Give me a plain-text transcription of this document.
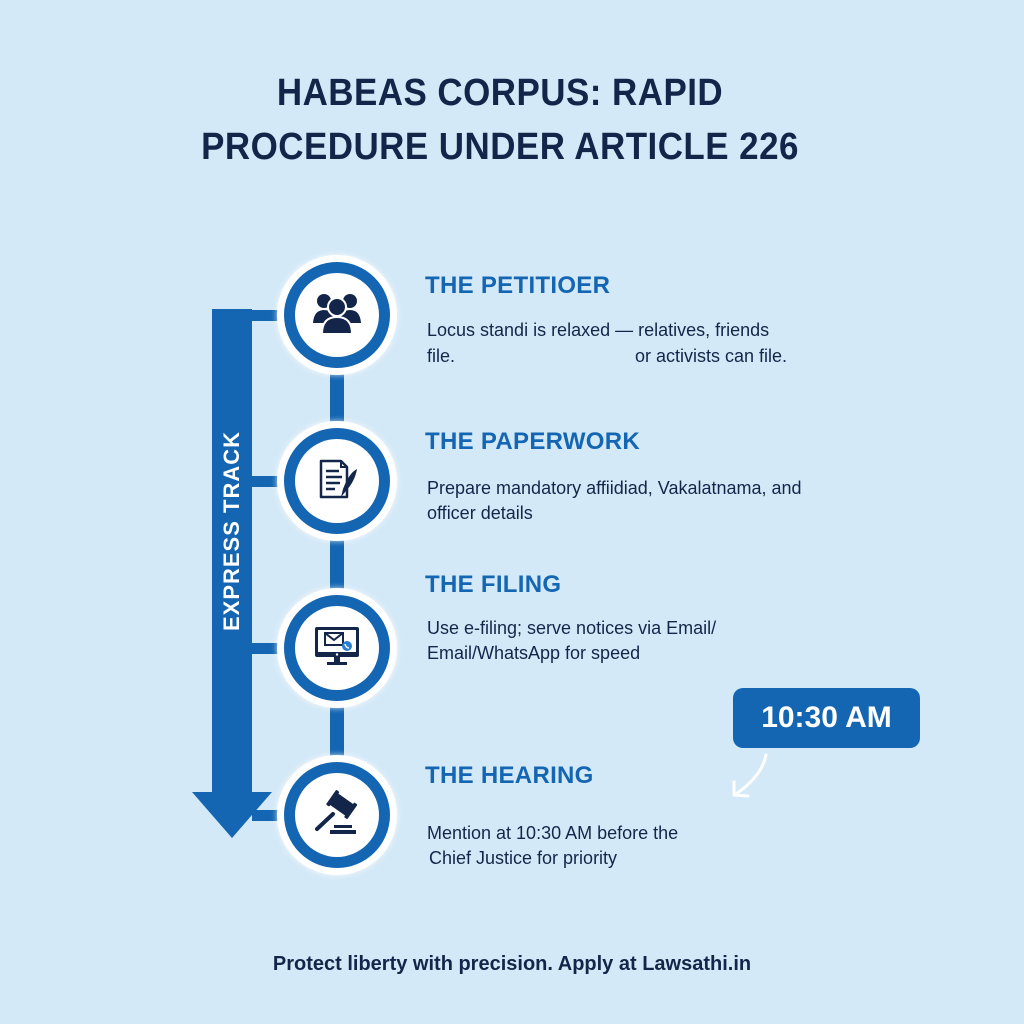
HABEAS CORPUS: RAPID
PROCEDURE UNDER ARTICLE 226
EXPRESS TRACK
THE PETITIOER
Locus standi is relaxed — relatives, friends
file.	or activists can file.
THE PAPERWORK
Prepare mandatory affiidiad, Vakalatnama, and
officer details
THE FILING
Use e-filing; serve notices via Email/
Email/WhatsApp for speed
THE HEARING
Mention at 10:30 AM before the
Chief Justice for priority
10:30 AM
Protect liberty with precision. Apply at Lawsathi.in
